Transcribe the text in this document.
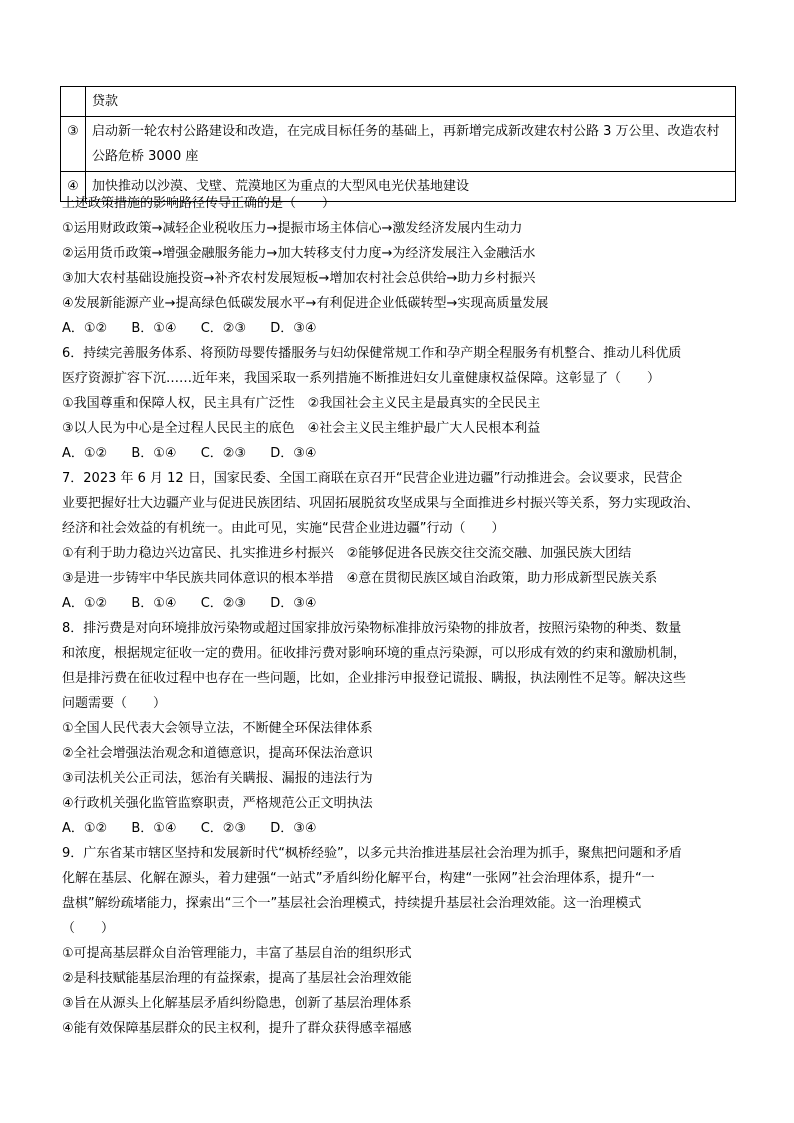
	贷款
③	启动新一轮农村公路建设和改造，在完成目标任务的基础上，再新增完成新改建农村公路 3 万公里、改造农村公路危桥 3000 座
④	加快推动以沙漠、戈壁、荒漠地区为重点的大型风电光伏基地建设
上述政策措施的影响路径传导正确的是（　　）
①运用财政政策→减轻企业税收压力→提振市场主体信心→激发经济发展内生动力
②运用货币政策→增强金融服务能力→加大转移支付力度→为经济发展注入金融活水
③加大农村基础设施投资→补齐农村发展短板→增加农村社会总供给→助力乡村振兴
④发展新能源产业→提高绿色低碳发展水平→有利促进企业低碳转型→实现高质量发展
A．①② B．①④ C．②③ D．③④
6．持续完善服务体系、将预防母婴传播服务与妇幼保健常规工作和孕产期全程服务有机整合、推动儿科优质
医疗资源扩容下沉……近年来，我国采取一系列措施不断推进妇女儿童健康权益保障。这彰显了（　　）
①我国尊重和保障人权，民主具有广泛性　②我国社会主义民主是最真实的全民民主
③以人民为中心是全过程人民民主的底色　④社会主义民主维护最广大人民根本利益
A．①② B．①④ C．②③ D．③④
7．2023 年 6 月 12 日，国家民委、全国工商联在京召开“民营企业进边疆”行动推进会。会议要求，民营企
业要把握好壮大边疆产业与促进民族团结、巩固拓展脱贫攻坚成果与全面推进乡村振兴等关系，努力实现政治、
经济和社会效益的有机统一。由此可见，实施“民营企业进边疆”行动（　　）
①有利于助力稳边兴边富民、扎实推进乡村振兴　②能够促进各民族交往交流交融、加强民族大团结
③是进一步铸牢中华民族共同体意识的根本举措　④意在贯彻民族区域自治政策，助力形成新型民族关系
A．①② B．①④ C．②③ D．③④
8．排污费是对向环境排放污染物或超过国家排放污染物标准排放污染物的排放者，按照污染物的种类、数量
和浓度，根据规定征收一定的费用。征收排污费对影响环境的重点污染源，可以形成有效的约束和激励机制，
但是排污费在征收过程中也存在一些问题，比如，企业排污申报登记谎报、瞒报，执法刚性不足等。解决这些
问题需要（　　）
①全国人民代表大会领导立法，不断健全环保法律体系
②全社会增强法治观念和道德意识，提高环保法治意识
③司法机关公正司法，惩治有关瞒报、漏报的违法行为
④行政机关强化监管监察职责，严格规范公正文明执法
A．①② B．①④ C．②③ D．③④
9．广东省某市辖区坚持和发展新时代“枫桥经验”，以多元共治推进基层社会治理为抓手，聚焦把问题和矛盾
化解在基层、化解在源头，着力建强“一站式”矛盾纠纷化解平台，构建“一张网”社会治理体系，提升“一
盘棋”解纷疏堵能力，探索出“三个一”基层社会治理模式，持续提升基层社会治理效能。这一治理模式
（　　）
①可提高基层群众自治管理能力，丰富了基层自治的组织形式
②是科技赋能基层治理的有益探索，提高了基层社会治理效能
③旨在从源头上化解基层矛盾纠纷隐患，创新了基层治理体系
④能有效保障基层群众的民主权利，提升了群众获得感幸福感
